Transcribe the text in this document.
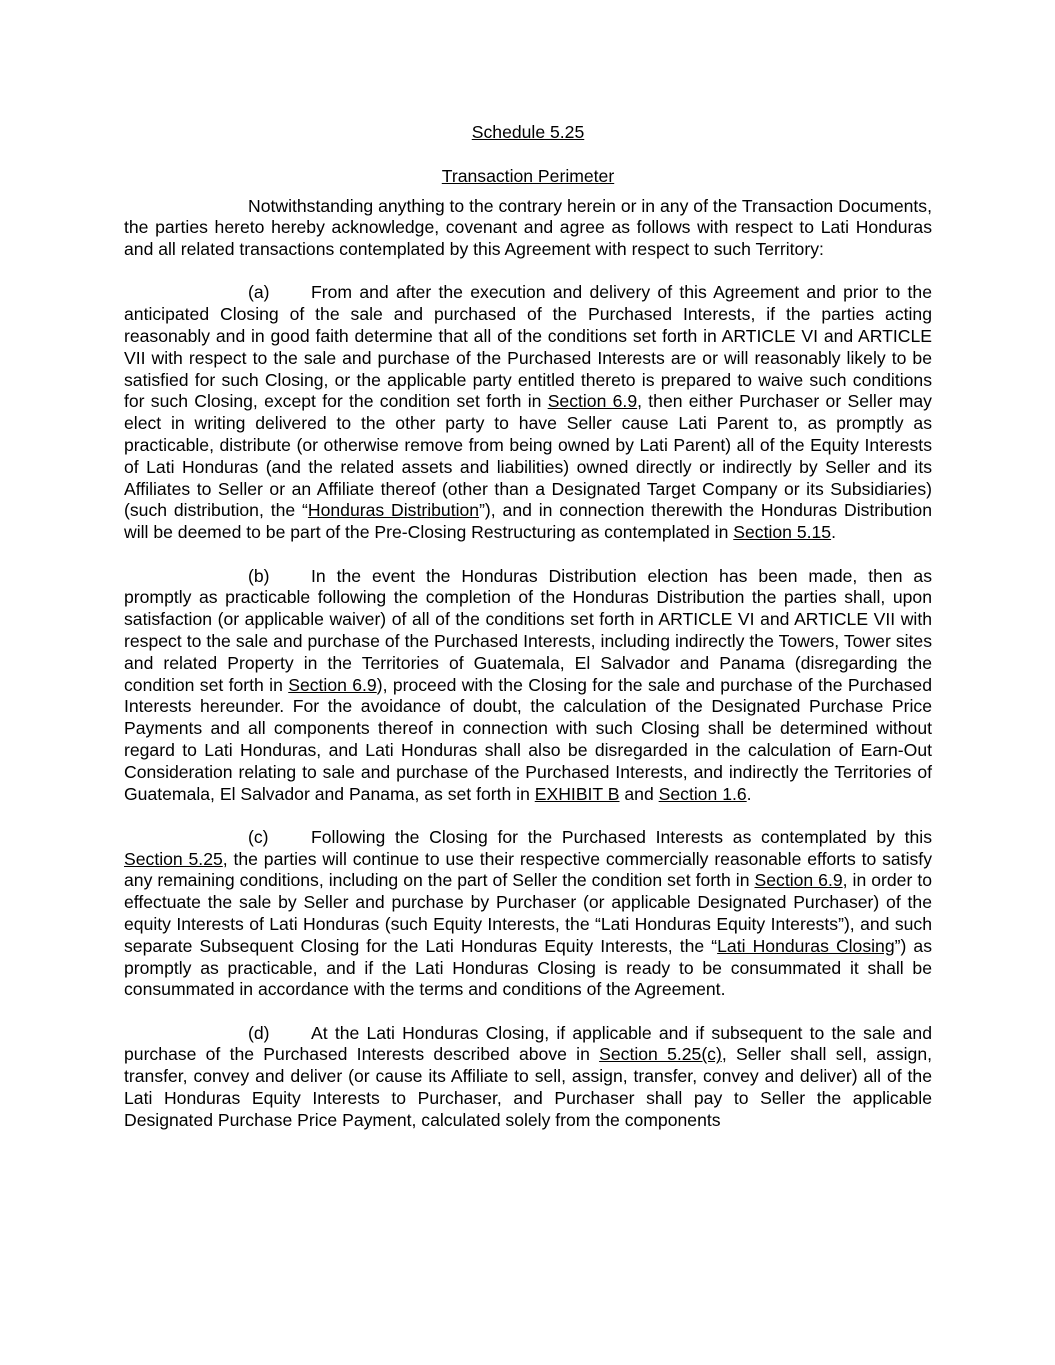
Schedule 5.25

Transaction Perimeter

Notwithstanding anything to the contrary herein or in any of the Transaction Documents, the parties hereto hereby acknowledge, covenant and agree as follows with respect to Lati Honduras and all related transactions contemplated by this Agreement with respect to such Territory:

(a) From and after the execution and delivery of this Agreement and prior to the anticipated Closing of the sale and purchased of the Purchased Interests, if the parties acting reasonably and in good faith determine that all of the conditions set forth in ARTICLE VI and ARTICLE VII with respect to the sale and purchase of the Purchased Interests are or will reasonably likely to be satisfied for such Closing, or the applicable party entitled thereto is prepared to waive such conditions for such Closing, except for the condition set forth in Section 6.9, then either Purchaser or Seller may elect in writing delivered to the other party to have Seller cause Lati Parent to, as promptly as practicable, distribute (or otherwise remove from being owned by Lati Parent) all of the Equity Interests of Lati Honduras (and the related assets and liabilities) owned directly or indirectly by Seller and its Affiliates to Seller or an Affiliate thereof (other than a Designated Target Company or its Subsidiaries) (such distribution, the “Honduras Distribution”), and in connection therewith the Honduras Distribution will be deemed to be part of the Pre-Closing Restructuring as contemplated in Section 5.15.

(b) In the event the Honduras Distribution election has been made, then as promptly as practicable following the completion of the Honduras Distribution the parties shall, upon satisfaction (or applicable waiver) of all of the conditions set forth in ARTICLE VI and ARTICLE VII with respect to the sale and purchase of the Purchased Interests, including indirectly the Towers, Tower sites and related Property in the Territories of Guatemala, El Salvador and Panama (disregarding the condition set forth in Section 6.9), proceed with the Closing for the sale and purchase of the Purchased Interests hereunder. For the avoidance of doubt, the calculation of the Designated Purchase Price Payments and all components thereof in connection with such Closing shall be determined without regard to Lati Honduras, and Lati Honduras shall also be disregarded in the calculation of Earn-Out Consideration relating to sale and purchase of the Purchased Interests, and indirectly the Territories of Guatemala, El Salvador and Panama, as set forth in EXHIBIT B and Section 1.6.

(c) Following the Closing for the Purchased Interests as contemplated by this Section 5.25, the parties will continue to use their respective commercially reasonable efforts to satisfy any remaining conditions, including on the part of Seller the condition set forth in Section 6.9, in order to effectuate the sale by Seller and purchase by Purchaser (or applicable Designated Purchaser) of the equity Interests of Lati Honduras (such Equity Interests, the “Lati Honduras Equity Interests”), and such separate Subsequent Closing for the Lati Honduras Equity Interests, the “Lati Honduras Closing”) as promptly as practicable, and if the Lati Honduras Closing is ready to be consummated it shall be consummated in accordance with the terms and conditions of the Agreement.

(d) At the Lati Honduras Closing, if applicable and if subsequent to the sale and purchase of the Purchased Interests described above in Section 5.25(c), Seller shall sell, assign, transfer, convey and deliver (or cause its Affiliate to sell, assign, transfer, convey and deliver) all of the Lati Honduras Equity Interests to Purchaser, and Purchaser shall pay to Seller the applicable Designated Purchase Price Payment, calculated solely from the components
